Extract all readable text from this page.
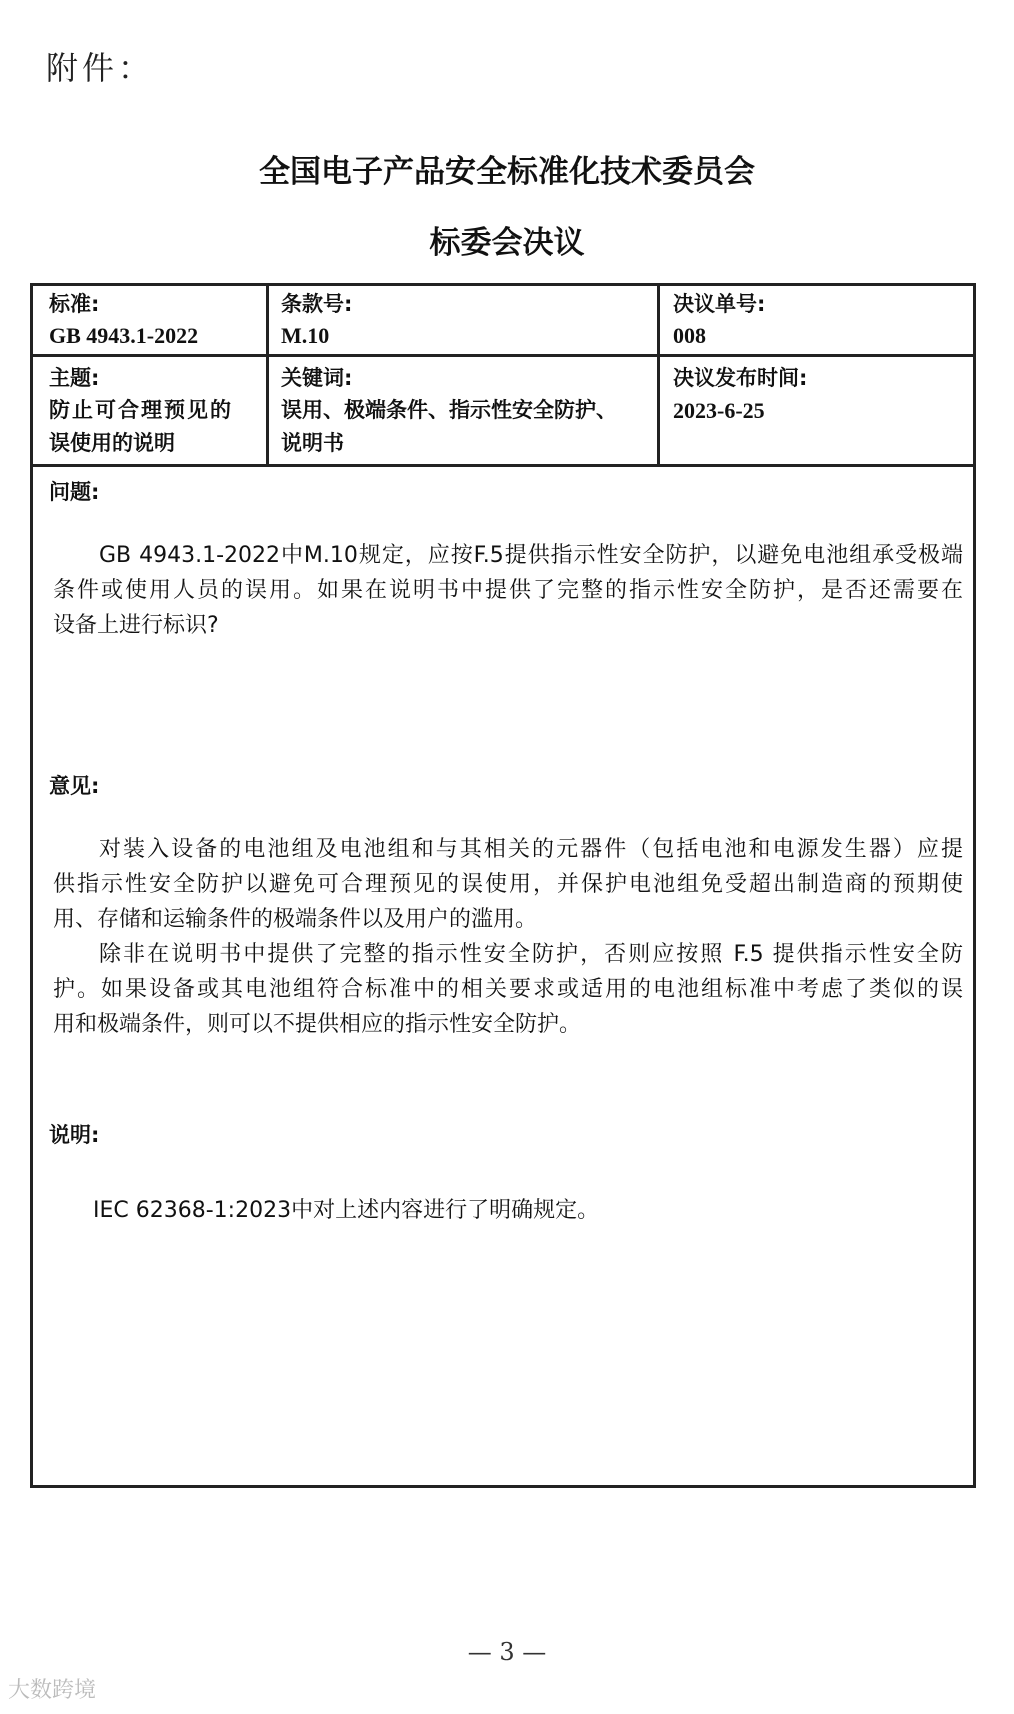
附件：
全国电子产品安全标准化技术委员会
标委会决议
标准:
GB 4943.1-2022
条款号:
M.10
决议单号:
008
主题:
防止可合理预见的
误使用的说明
关键词:
误用、极端条件、指示性安全防护、
说明书
决议发布时间:
2023-6-25
问题:
GB 4943.1-2022中M.10规定，应按F.5提供指示性安全防护，以避免电池组承受极端
条件或使用人员的误用。如果在说明书中提供了完整的指示性安全防护，是否还需要在
设备上进行标识?
意见:
对装入设备的电池组及电池组和与其相关的元器件（包括电池和电源发生器）应提
供指示性安全防护以避免可合理预见的误使用，并保护电池组免受超出制造商的预期使
用、存储和运输条件的极端条件以及用户的滥用。
除非在说明书中提供了完整的指示性安全防护，否则应按照 F.5 提供指示性安全防
护。如果设备或其电池组符合标准中的相关要求或适用的电池组标准中考虑了类似的误
用和极端条件，则可以不提供相应的指示性安全防护。
说明:
IEC 62368-1:2023中对上述内容进行了明确规定。
— 3 —
大数跨境
